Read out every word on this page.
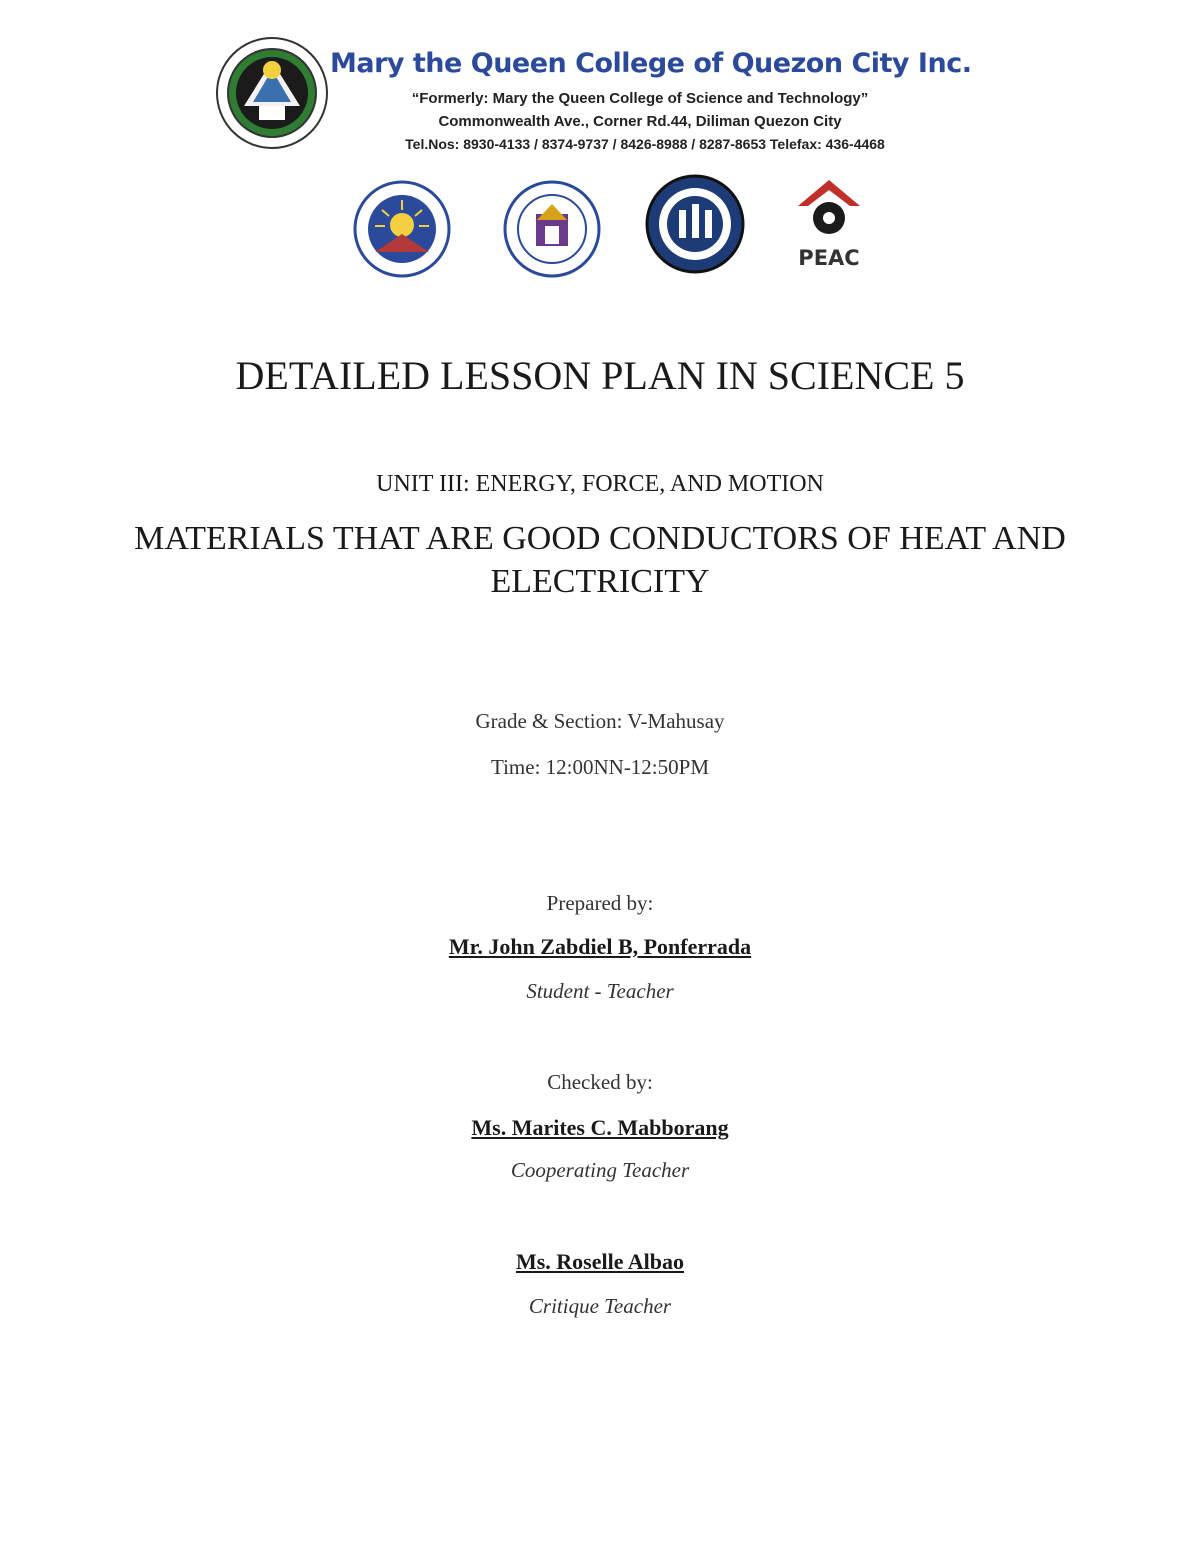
Mary the Queen College of Quezon City Inc.
“Formerly: Mary the Queen College of Science and Technology”
Commonwealth Ave., Corner Rd.44, Diliman Quezon City
Tel.Nos: 8930-4133 / 8374-9737 / 8426-8988 / 8287-8653 Telefax: 436-4468
PEAC
DETAILED LESSON PLAN IN SCIENCE 5
UNIT III: ENERGY, FORCE, AND MOTION
MATERIALS THAT ARE GOOD CONDUCTORS OF HEAT AND
ELECTRICITY
Grade & Section: V-Mahusay
Time: 12:00NN-12:50PM
Prepared by:
Mr. John Zabdiel B, Ponferrada
Student - Teacher
Checked by:
Ms. Marites C. Mabborang
Cooperating Teacher
Ms. Roselle Albao
Critique Teacher
